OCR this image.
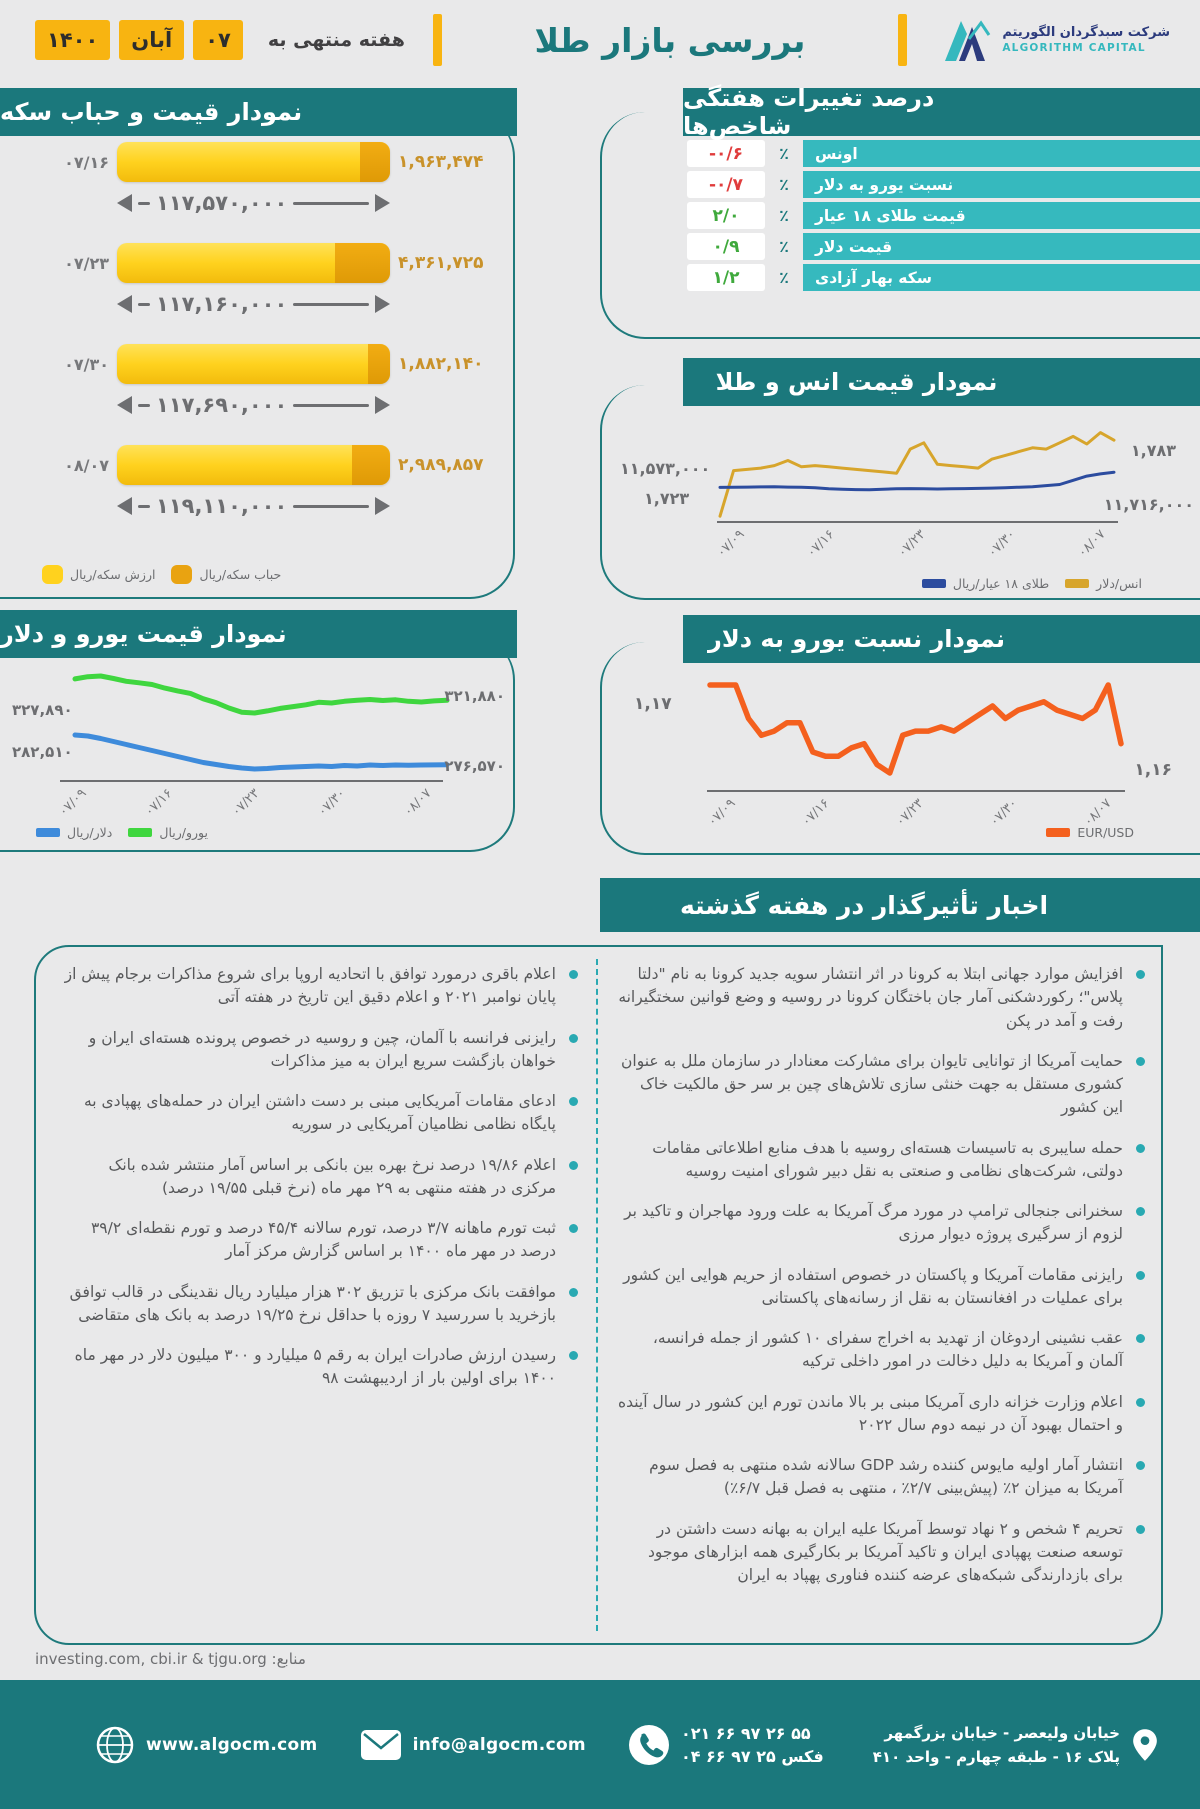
۱۴۰۰	آبان	۰۷	هفته منتهی به	بررسی بازار طلا	شرکت سبدگردان الگوریتم
ALGORITHM CAPITAL
درصد تغییرات هفتگی شاخص‌ها
-۰/۶	٪	اونس
-۰/۷	٪	نسبت یورو به دلار
۲/۰	٪	قیمت طلای ۱۸ عیار
۰/۹	٪	قیمت دلار
۱/۲	٪	سکه بهار آزادی
نمودار قیمت و حباب سکه
۱,۹۶۳,۴۷۴
۰۷/۱۶
۱۱۷,۵۷۰,۰۰۰
۴,۳۶۱,۷۲۵
۰۷/۲۳
۱۱۷,۱۶۰,۰۰۰
۱,۸۸۲,۱۴۰
۰۷/۳۰
۱۱۷,۶۹۰,۰۰۰
۲,۹۸۹,۸۵۷
۰۸/۰۷
۱۱۹,۱۱۰,۰۰۰
ارزش سکه/ریال	حباب سکه/ریال
نمودار قیمت انس و طلا
۱۱,۵۷۳,۰۰۰
۱,۷۲۳
۱,۷۸۳
۱۱,۷۱۶,۰۰۰
۰۷/۰۹	۰۷/۱۶	۰۷/۲۳	۰۷/۳۰	۰۸/۰۷
طلای ۱۸ عیار/ریال	انس/دلار
نمودار قیمت یورو و دلار
۳۲۷,۸۹۰
۳۲۱,۸۸۰
۲۸۲,۵۱۰
۲۷۶,۵۷۰
۰۷/۰۹	۰۷/۱۶	۰۷/۲۳	۰۷/۳۰	۰۸/۰۷
دلار/ریال	یورو/ریال
نمودار نسبت یورو به دلار
۱,۱۷
۱,۱۶
۰۷/۰۹	۰۷/۱۶	۰۷/۲۳	۰۷/۳۰	۰۸/۰۷
EUR/USD
اخبار تأثیرگذار در هفته گذشته
افزایش موارد جهانی ابتلا به کرونا در اثر انتشار سویه جدید کرونا به نام "دلتا پلاس"؛ رکوردشکنی آمار جان باختگان کرونا در روسیه و وضع قوانین سختگیرانه رفت و آمد در پکن
حمایت آمریکا از توانایی تایوان برای مشارکت معنادار در سازمان ملل به عنوان کشوری مستقل به جهت خنثی سازی تلاش‌های چین بر سر حق مالکیت خاک این کشور
حمله سایبری به تاسیسات هسته‌ای روسیه با هدف منابع اطلاعاتی مقامات دولتی، شرکت‌های نظامی و صنعتی به نقل دبیر شورای امنیت روسیه
سخنرانی جنجالی ترامپ در مورد مرگ آمریکا به علت ورود مهاجران و تاکید بر لزوم از سرگیری پروژه دیوار مرزی
رایزنی مقامات آمریکا و پاکستان در خصوص استفاده از حریم هوایی این کشور برای عملیات در افغانستان به نقل از رسانه‌های پاکستانی
عقب نشینی اردوغان از تهدید به اخراج سفرای ۱۰ کشور از جمله فرانسه، آلمان و آمریکا به دلیل دخالت در امور داخلی ترکیه
اعلام وزارت خزانه داری آمریکا مبنی بر بالا ماندن تورم این کشور در سال آینده و احتمال بهبود آن در نیمه دوم سال ۲۰۲۲
انتشار آمار اولیه مایوس کننده رشد GDP سالانه شده منتهی به فصل سوم آمریکا به میزان ۲٪ (پیش‌بینی ۲/۷٪ ، منتهی به فصل قبل ۶/۷٪)
تحریم ۴ شخص و ۲ نهاد توسط آمریکا علیه ایران به بهانه دست داشتن در توسعه صنعت پهپادی ایران و تاکید آمریکا بر بکارگیری همه ابزارهای موجود برای بازدارندگی شبکه‌های عرضه کننده فناوری پهپاد به ایران
اعلام باقری درمورد توافق با اتحادیه اروپا برای شروع مذاکرات برجام پیش از پایان نوامبر ۲۰۲۱ و اعلام دقیق این تاریخ در هفته آتی
رایزنی فرانسه با آلمان، چین و روسیه در خصوص پرونده هسته‌ای ایران و خواهان بازگشت سریع ایران به میز مذاکرات
ادعای مقامات آمریکایی مبنی بر دست داشتن ایران در حمله‌های پهپادی به پایگاه نظامی نظامیان آمریکایی در سوریه
اعلام ۱۹/۸۶ درصد نرخ بهره بین بانکی بر اساس آمار منتشر شده بانک مرکزی در هفته منتهی به ۲۹ مهر ماه (نرخ قبلی ۱۹/۵۵ درصد)
ثبت تورم ماهانه ۳/۷ درصد، تورم سالانه ۴۵/۴ درصد و تورم نقطه‌ای ۳۹/۲ درصد در مهر ماه ۱۴۰۰ بر اساس گزارش مرکز آمار
موافقت بانک مرکزی با تزریق ۳۰۲ هزار میلیارد ریال نقدینگی در قالب توافق بازخرید با سررسید ۷ روزه با حداقل نرخ ۱۹/۲۵ درصد به بانک های متقاضی
رسیدن ارزش صادرات ایران به رقم ۵ میلیارد و ۳۰۰ میلیون دلار در مهر ماه ۱۴۰۰ برای اولین بار از اردیبهشت ۹۸
منابع: investing.com, cbi.ir & tjgu.org
www.algocm.com	info@algocm.com
۰۲۱ ۶۶ ۹۷ ۲۶ ۵۵
۰۴ ۶۶ ۹۷ ۲۵ فکس
خیابان ولیعصر - خیابان بزرگمهر
پلاک ۱۶ - طبقه چهارم - واحد ۴۱۰
